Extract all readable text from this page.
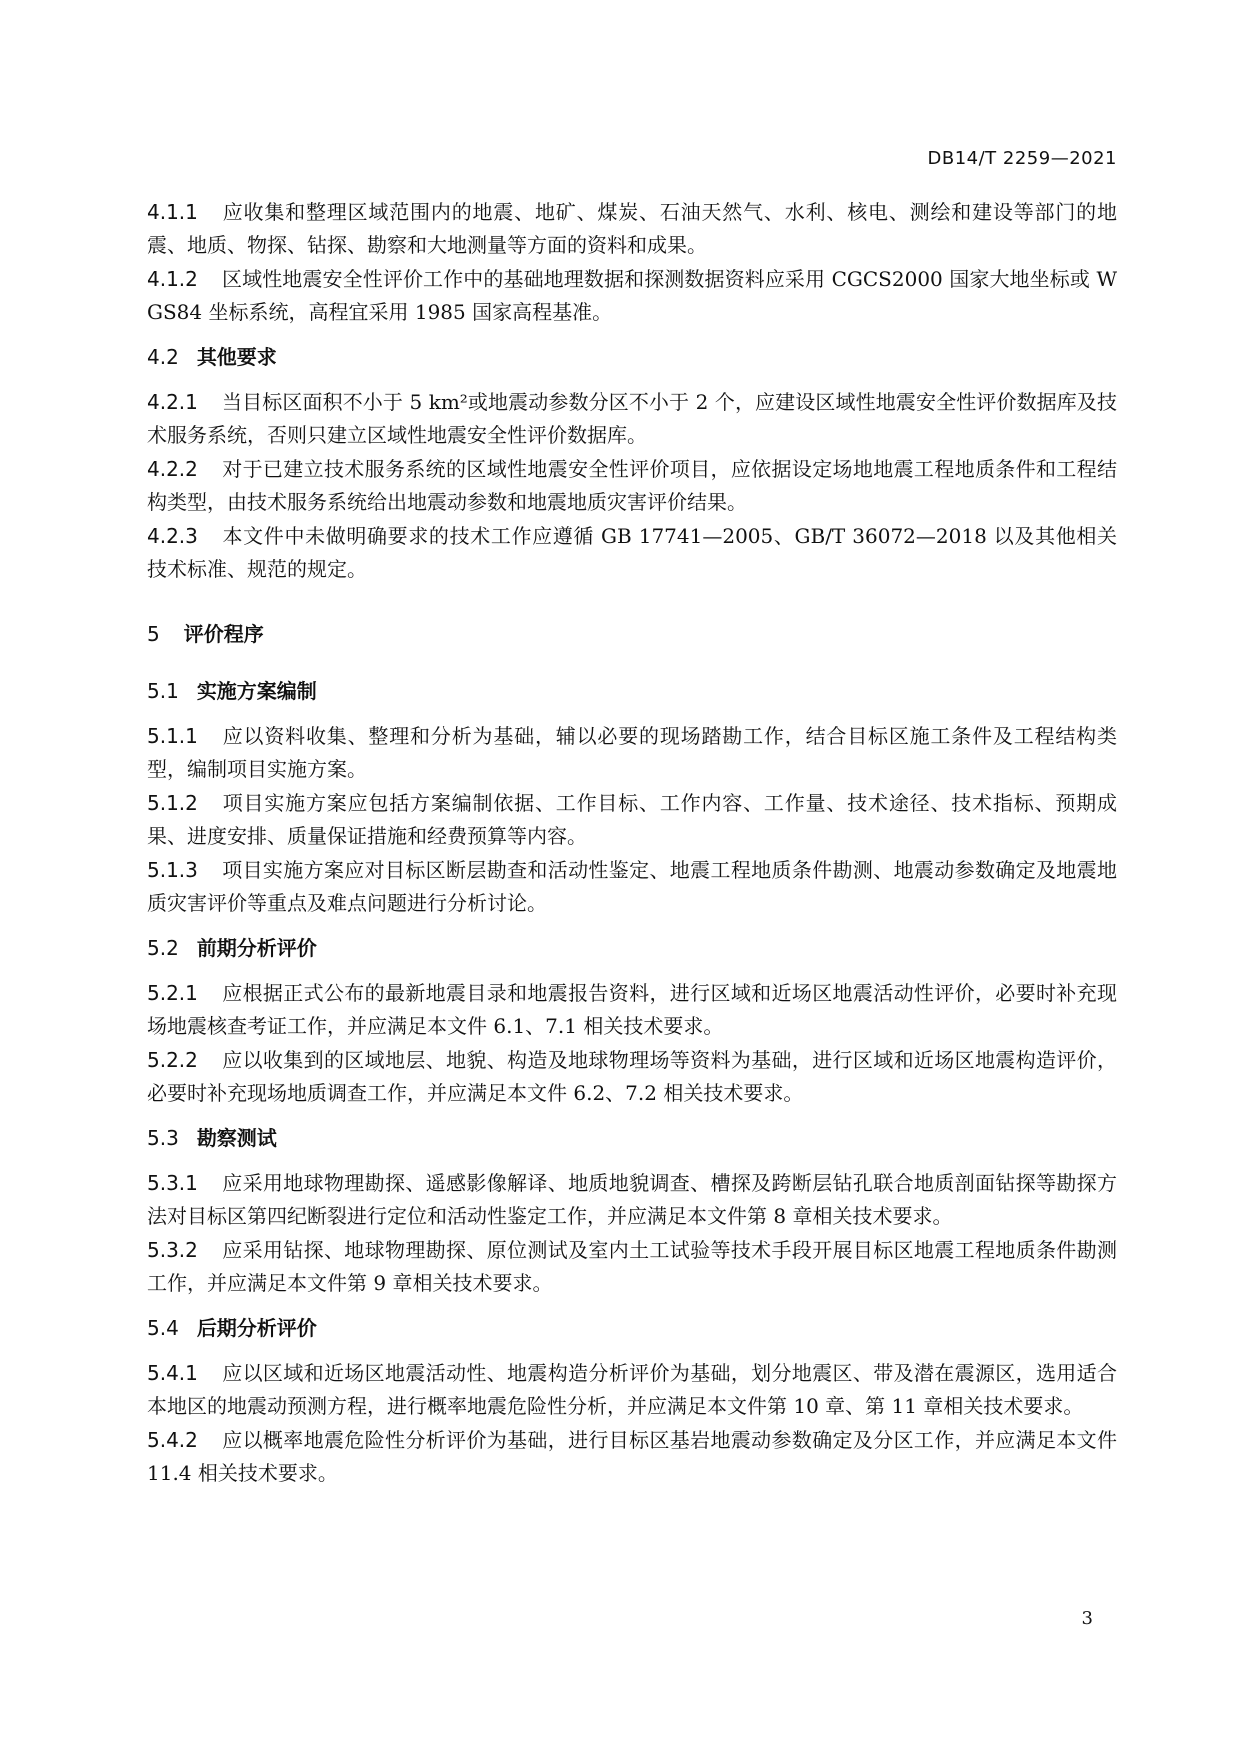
DB14/T 2259—2021

4.1.1 应收集和整理区域范围内的地震、地矿、煤炭、石油天然气、水利、核电、测绘和建设等部门的地震、地质、物探、钻探、勘察和大地测量等方面的资料和成果。

4.1.2 区域性地震安全性评价工作中的基础地理数据和探测数据资料应采用 CGCS2000 国家大地坐标或 WGS84 坐标系统，高程宜采用 1985 国家高程基准。

4.2 其他要求

4.2.1 当目标区面积不小于 5 km²或地震动参数分区不小于 2 个，应建设区域性地震安全性评价数据库及技术服务系统，否则只建立区域性地震安全性评价数据库。

4.2.2 对于已建立技术服务系统的区域性地震安全性评价项目，应依据设定场地地震工程地质条件和工程结构类型，由技术服务系统给出地震动参数和地震地质灾害评价结果。

4.2.3 本文件中未做明确要求的技术工作应遵循 GB 17741—2005、GB/T 36072—2018 以及其他相关技术标准、规范的规定。

5 评价程序
5.1 实施方案编制

5.1.1 应以资料收集、整理和分析为基础，辅以必要的现场踏勘工作，结合目标区施工条件及工程结构类型，编制项目实施方案。

5.1.2 项目实施方案应包括方案编制依据、工作目标、工作内容、工作量、技术途径、技术指标、预期成果、进度安排、质量保证措施和经费预算等内容。

5.1.3 项目实施方案应对目标区断层勘查和活动性鉴定、地震工程地质条件勘测、地震动参数确定及地震地质灾害评价等重点及难点问题进行分析讨论。

5.2 前期分析评价

5.2.1 应根据正式公布的最新地震目录和地震报告资料，进行区域和近场区地震活动性评价，必要时补充现场地震核查考证工作，并应满足本文件 6.1、7.1 相关技术要求。

5.2.2 应以收集到的区域地层、地貌、构造及地球物理场等资料为基础，进行区域和近场区地震构造评价，必要时补充现场地质调查工作，并应满足本文件 6.2、7.2 相关技术要求。

5.3 勘察测试

5.3.1 应采用地球物理勘探、遥感影像解译、地质地貌调查、槽探及跨断层钻孔联合地质剖面钻探等勘探方法对目标区第四纪断裂进行定位和活动性鉴定工作，并应满足本文件第 8 章相关技术要求。

5.3.2 应采用钻探、地球物理勘探、原位测试及室内土工试验等技术手段开展目标区地震工程地质条件勘测工作，并应满足本文件第 9 章相关技术要求。

5.4 后期分析评价

5.4.1 应以区域和近场区地震活动性、地震构造分析评价为基础，划分地震区、带及潜在震源区，选用适合本地区的地震动预测方程，进行概率地震危险性分析，并应满足本文件第 10 章、第 11 章相关技术要求。

5.4.2 应以概率地震危险性分析评价为基础，进行目标区基岩地震动参数确定及分区工作，并应满足本文件 11.4 相关技术要求。

3
